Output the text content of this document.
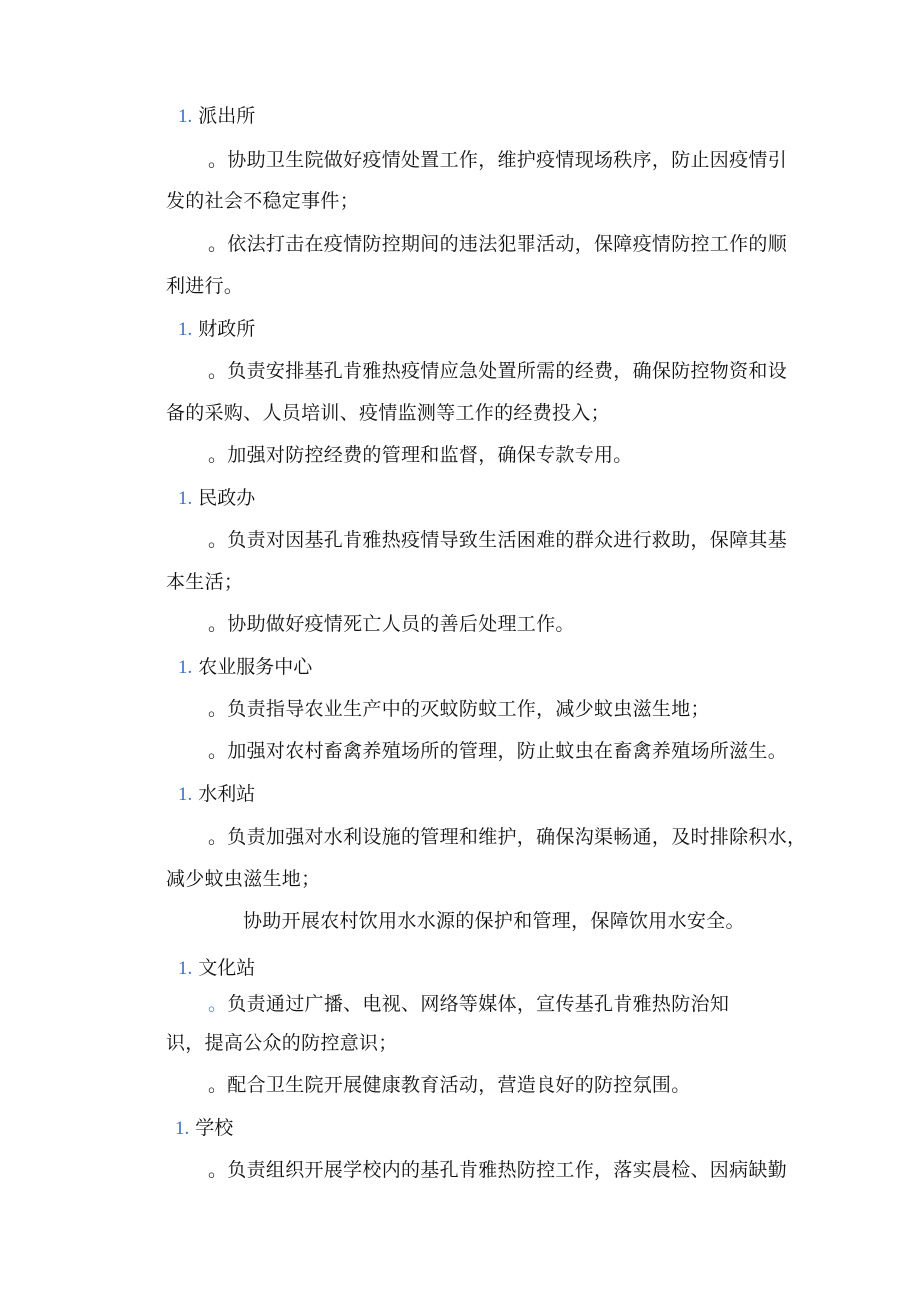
1. 派出所
。协助卫生院做好疫情处置工作，维护疫情现场秩序，防止因疫情引
发的社会不稳定事件；
。依法打击在疫情防控期间的违法犯罪活动，保障疫情防控工作的顺
利进行。
1. 财政所
。负责安排基孔肯雅热疫情应急处置所需的经费，确保防控物资和设
备的采购、人员培训、疫情监测等工作的经费投入；
。加强对防控经费的管理和监督，确保专款专用。
1. 民政办
。负责对因基孔肯雅热疫情导致生活困难的群众进行救助，保障其基
本生活；
。协助做好疫情死亡人员的善后处理工作。
1. 农业服务中心
。负责指导农业生产中的灭蚊防蚊工作，减少蚊虫滋生地；
。加强对农村畜禽养殖场所的管理，防止蚊虫在畜禽养殖场所滋生。
1. 水利站
。负责加强对水利设施的管理和维护，确保沟渠畅通，及时排除积水，
减少蚊虫滋生地；
协助开展农村饮用水水源的保护和管理，保障饮用水安全。
1. 文化站
。负责通过广播、电视、网络等媒体，宣传基孔肯雅热防治知
识，提高公众的防控意识；
。配合卫生院开展健康教育活动，营造良好的防控氛围。
1. 学校
。负责组织开展学校内的基孔肯雅热防控工作，落实晨检、因病缺勤
